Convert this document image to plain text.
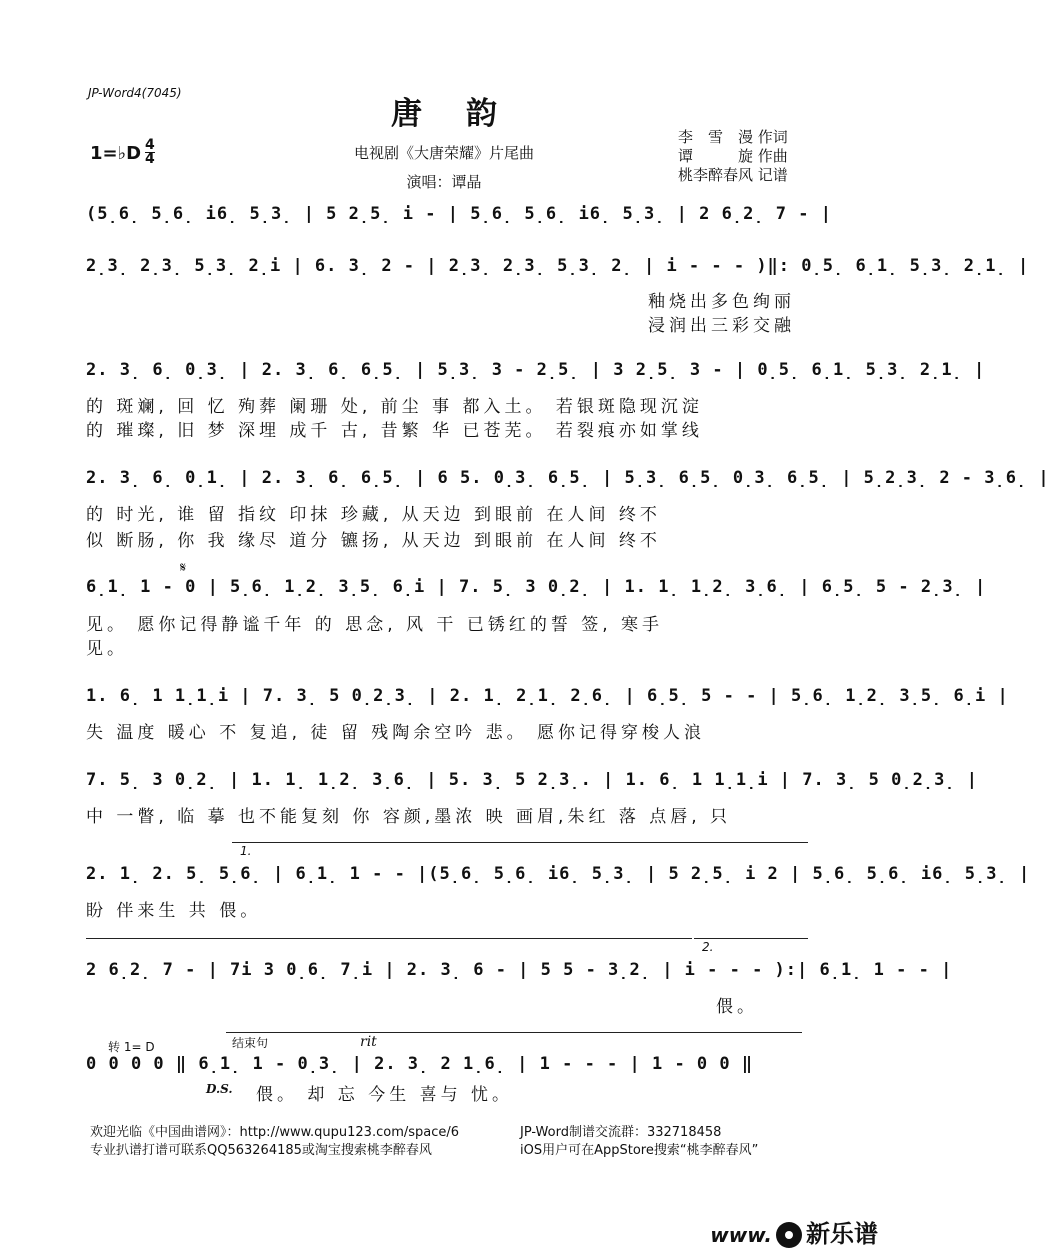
JP-Word4(7045)
唐韵
1=♭D 4
4	电视剧《大唐荣耀》片尾曲
演唱：谭晶
李　雪　漫 作词
谭　　　旋 作曲
桃李醉春风 记谱
(5̣6̣ 5̣6̣ i6̣ 5̣3̣ | 5 2̣5̣ i - | 5̣6̣ 5̣6̣ i6̣ 5̣3̣ | 2 6̣2̣ 7 - |
2̣3̣ 2̣3̣ 5̣3̣ 2̣i | 6. 3̣ 2 - | 2̣3̣ 2̣3̣ 5̣3̣ 2̣ | i - - - )‖: 0̣5̣ 6̣1̣ 5̣3̣ 2̣1̣ |
釉烧出多色绚丽
浸润出三彩交融
2. 3̣ 6̣ 0̣3̣ | 2. 3̣ 6̣ 6̣5̣ | 5̣3̣ 3 - 2̣5̣ | 3 2̣5̣ 3 - | 0̣5̣ 6̣1̣ 5̣3̣ 2̣1̣ |
的 斑斓, 回 忆 殉葬 阑珊 处, 前尘 事 都入土。 若银斑隐现沉淀
的 璀璨, 旧 梦 深埋 成千 古, 昔繁 华 已苍芜。 若裂痕亦如掌线
2. 3̣ 6̣ 0̣1̣ | 2. 3̣ 6̣ 6̣5̣ | 6 5. 0̣3̣ 6̣5̣ | 5̣3̣ 6̣5̣ 0̣3̣ 6̣5̣ | 5̣2̣3̣ 2 - 3̣6̣ |
的 时光, 谁 留 指纹 印抹 珍藏, 从天边 到眼前 在人间 终不
似 断肠, 你 我 缘尽 道分 镳扬, 从天边 到眼前 在人间 终不
𝄋
6̣1̣ 1 - 0 | 5̣6̣ 1̣2̣ 3̣5̣ 6̣i | 7. 5̣ 3 0̣2̣ | 1. 1̣ 1̣2̣ 3̣6̣ | 6̣5̣ 5 - 2̣3̣ |
见。 愿你记得静谧千年 的 思念, 风 干 已锈红的誓 签, 寒手
见。
1. 6̣ 1 1̣1̣i | 7. 3̣ 5 0̣2̣3̣ | 2. 1̣ 2̣1̣ 2̣6̣ | 6̣5̣ 5 - - | 5̣6̣ 1̣2̣ 3̣5̣ 6̣i |
失 温度 暖心 不 复追, 徒 留 残陶余空吟 悲。 愿你记得穿梭人浪
7. 5̣ 3 0̣2̣ | 1. 1̣ 1̣2̣ 3̣6̣ | 5. 3̣ 5 2̣3̣. | 1. 6̣ 1 1̣1̣i | 7. 3̣ 5 0̣2̣3̣ |
中 一瞥, 临 摹 也不能复刻 你 容颜,墨浓 映 画眉,朱红 落 点唇, 只
1.
2. 1̣ 2. 5̣ 5̣6̣ | 6̣1̣ 1 - - |(5̣6̣ 5̣6̣ i6̣ 5̣3̣ | 5 2̣5̣ i 2 | 5̣6̣ 5̣6̣ i6̣ 5̣3̣ |
盼 伴来生 共 偎。
2.
2 6̣2̣ 7 - | 7i 3 0̣6̣ 7̣i | 2. 3̣ 6 - | 5 5 - 3̣2̣ | i - - - ):| 6̣1̣ 1 - - |
偎。
转 1= D	结束句	rit
0 0 0 0 ‖ 6̣1̣ 1 - 0̣3̣ | 2. 3̣ 2 1̣6̣ | 1 - - - | 1 - 0 0 ‖
D.S. 偎。 却 忘 今生 喜与 忧。
欢迎光临《中国曲谱网》：http://www.qupu123.com/space/6
专业扒谱打谱可联系QQ563264185或淘宝搜索桃李醉春风
JP-Word制谱交流群：332718458
iOS用户可在AppStore搜索“桃李醉春风”
www. 新乐谱
